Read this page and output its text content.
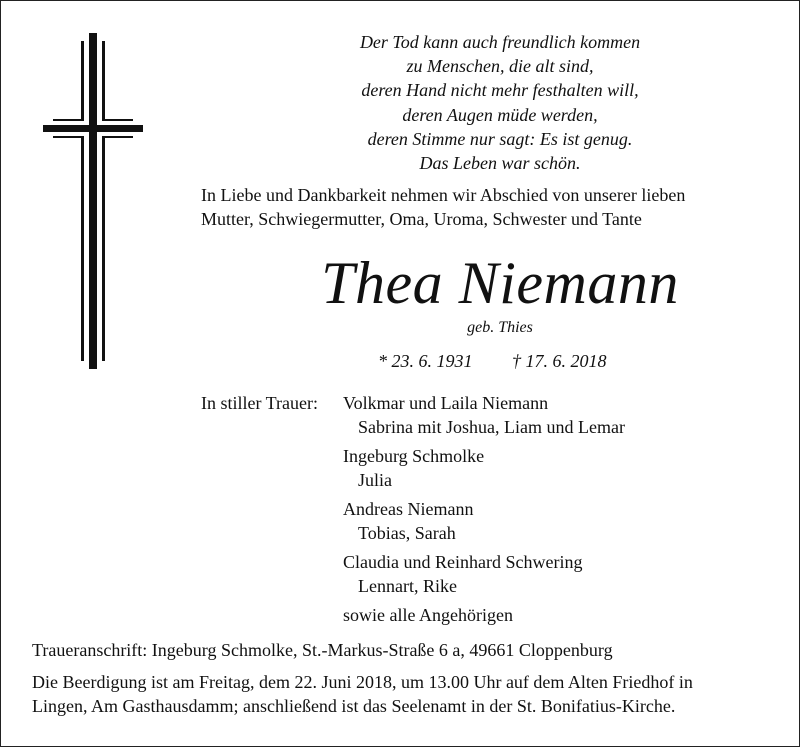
Der Tod kann auch freundlich kommen
zu Menschen, die alt sind,
deren Hand nicht mehr festhalten will,
deren Augen müde werden,
deren Stimme nur sagt: Es ist genug.
Das Leben war schön.
In Liebe und Dankbarkeit nehmen wir Abschied von unserer lieben
Mutter, Schwiegermutter, Oma, Uroma, Schwester und Tante
Thea Niemann
geb. Thies
* 23. 6. 1931 † 17. 6. 2018
In stiller Trauer: Volkmar und Laila Niemann
Sabrina mit Joshua, Liam und Lemar
Ingeburg Schmolke
Julia
Andreas Niemann
Tobias, Sarah
Claudia und Reinhard Schwering
Lennart, Rike
sowie alle Angehörigen
Traueranschrift: Ingeburg Schmolke, St.-Markus-Straße 6 a, 49661 Cloppenburg
Die Beerdigung ist am Freitag, dem 22. Juni 2018, um 13.00 Uhr auf dem Alten Friedhof in
Lingen, Am Gasthausdamm; anschließend ist das Seelenamt in der St. Bonifatius-Kirche.
